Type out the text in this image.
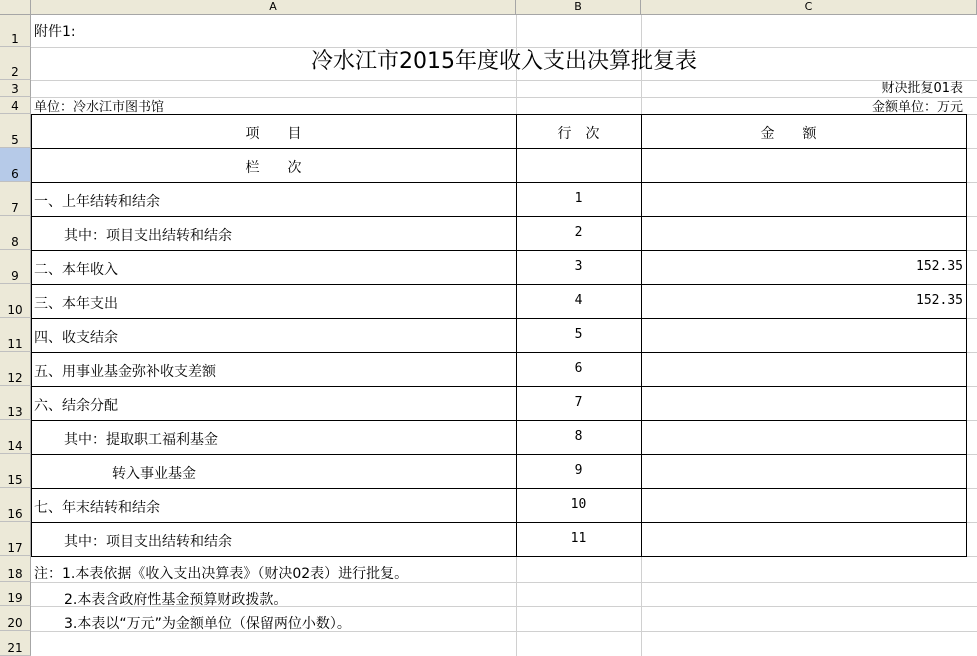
A	B	C
1
2
3
4
5
6
7
8
9
10
11
12
13
14
15
16
17
18
19
20
21
附件1:
冷水江市2015年度收入支出决算批复表
财决批复01表
单位：冷水江市图书馆	金额单位：万元
项　　目	行　次	金　　额
栏　　次
一、上年结转和结余	1
其中：项目支出结转和结余	2
二、本年收入	3	152.35
三、本年支出	4	152.35
四、收支结余	5
五、用事业基金弥补收支差额	6
六、结余分配	7
其中：提取职工福利基金	8
转入事业基金	9
七、年末结转和结余	10
其中：项目支出结转和结余	11
注：1.本表依据《收入支出决算表》（财决02表）进行批复。
2.本表含政府性基金预算财政拨款。
3.本表以“万元”为金额单位（保留两位小数）。
